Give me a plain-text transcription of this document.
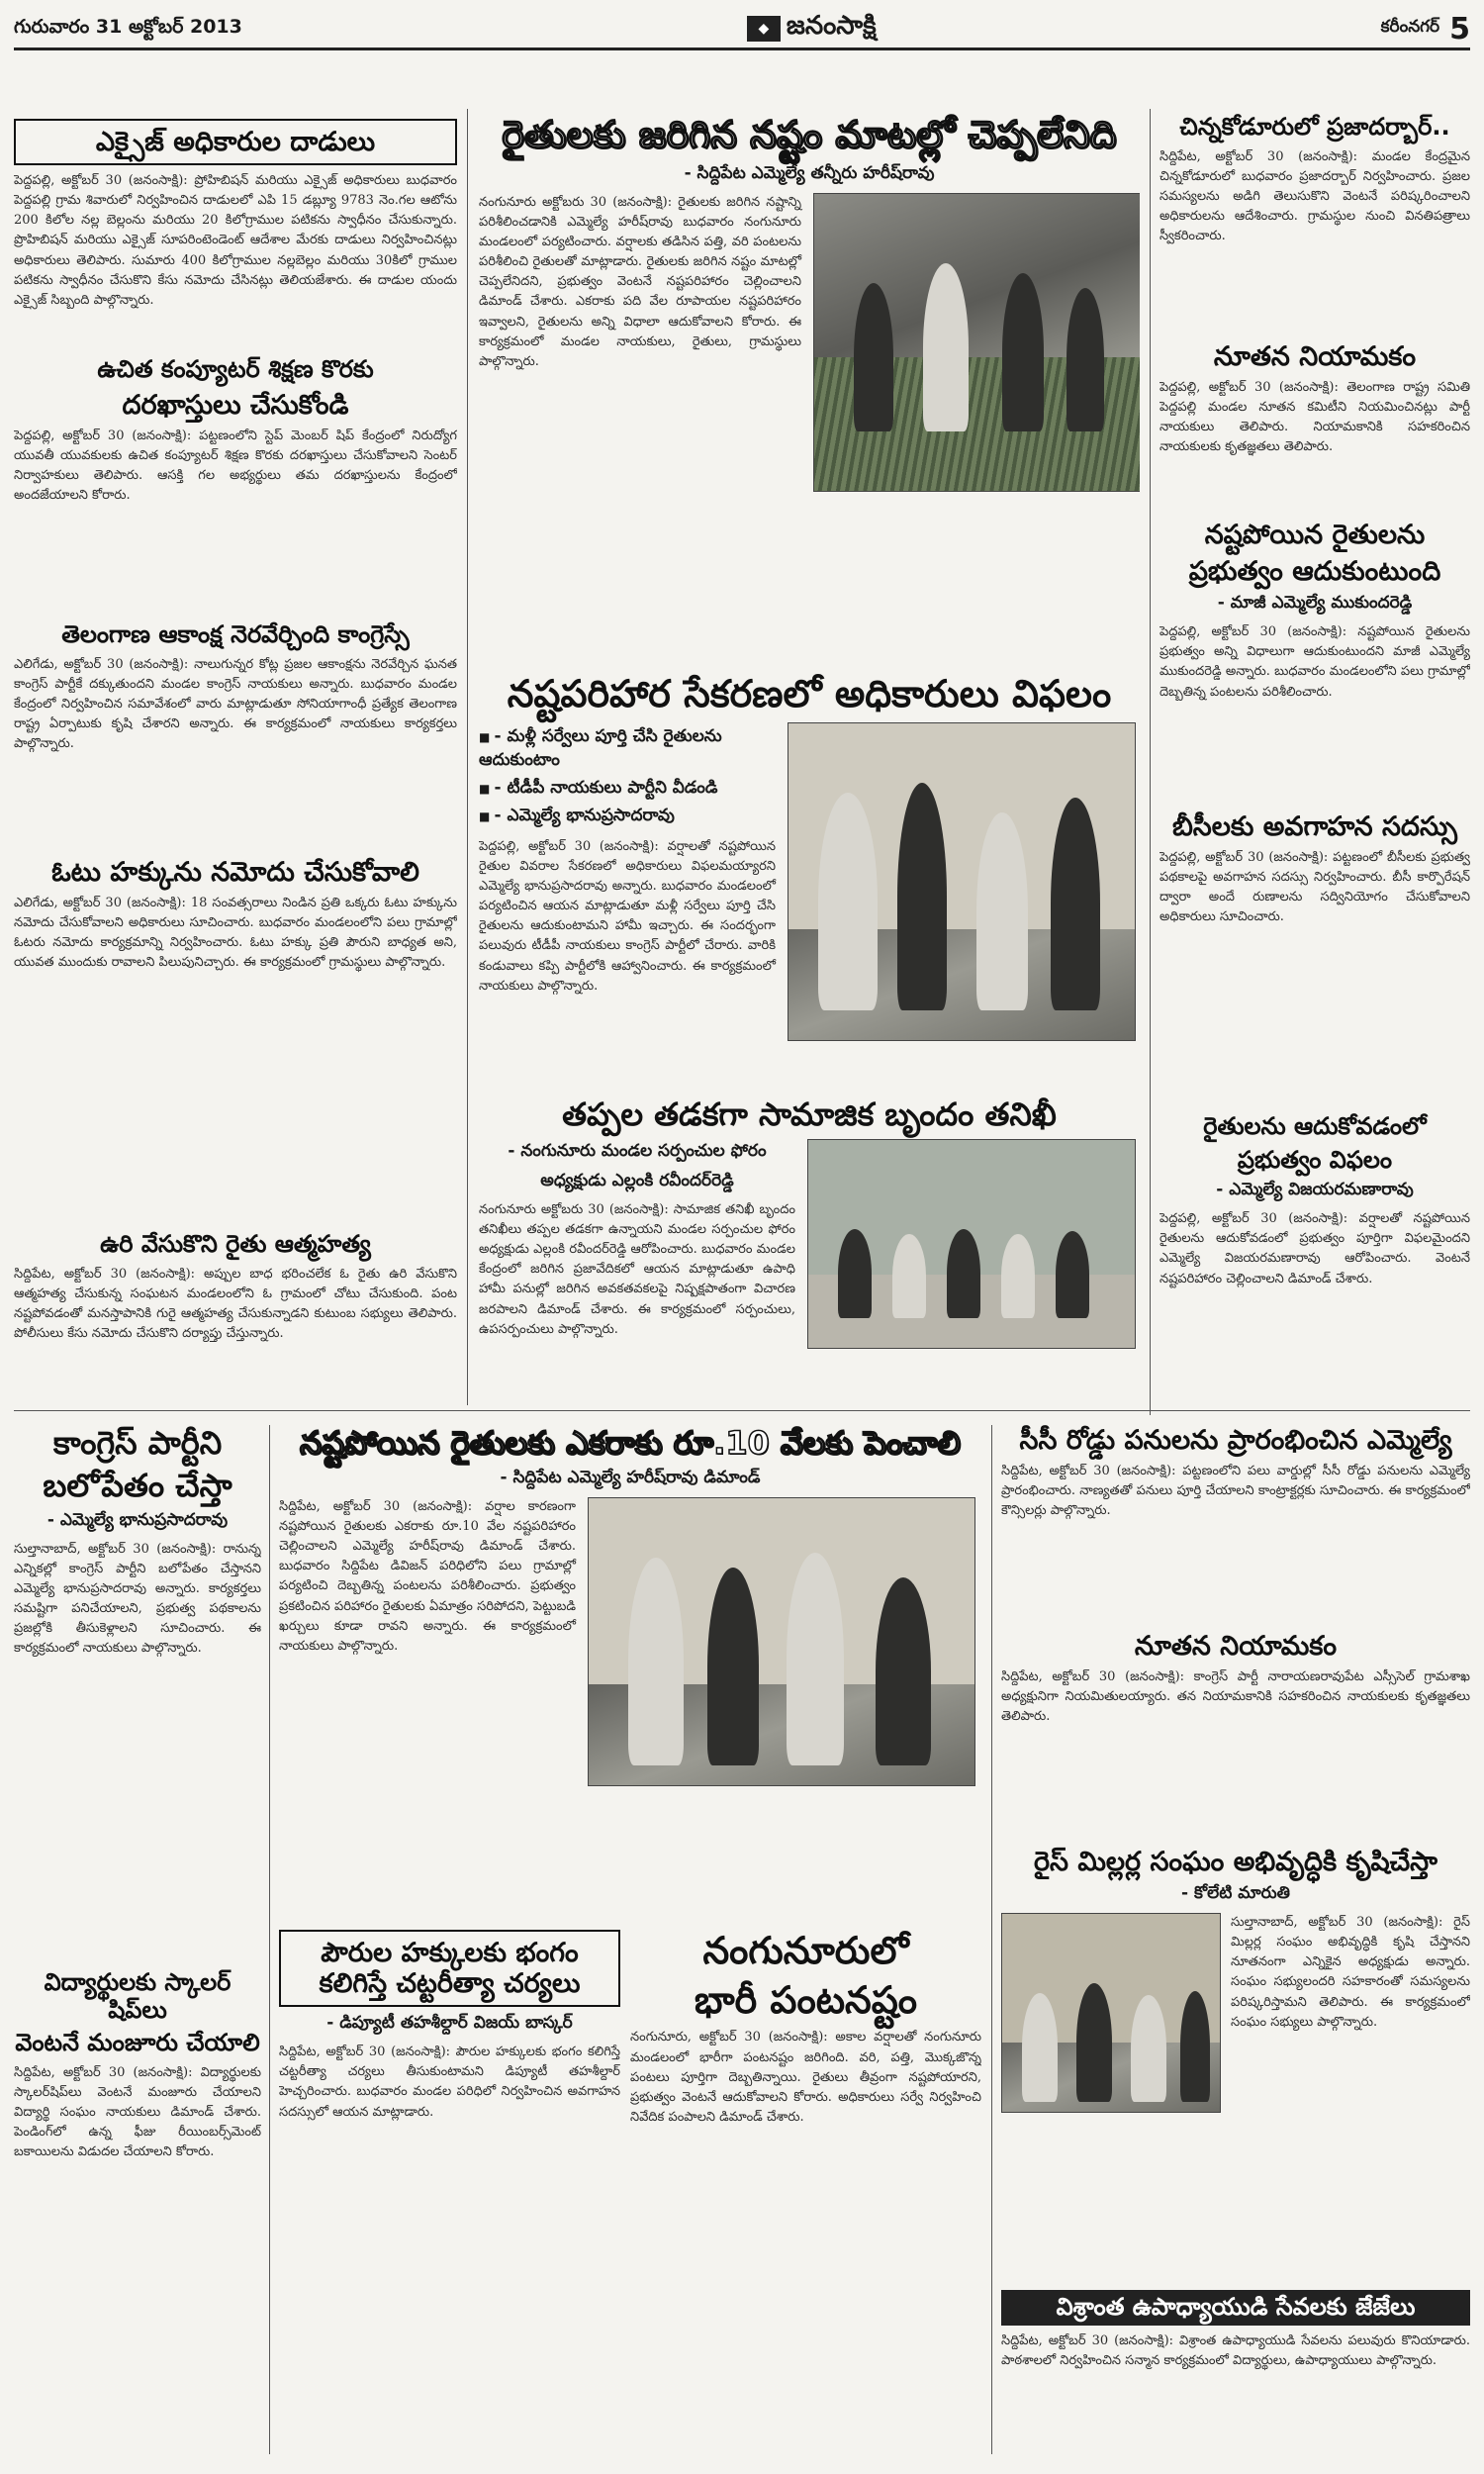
గురువారం 31 అక్టోబర్ 2013	◆ జనంసాక్షి	కరీంనగర్ 5
ఎక్సైజ్ అధికారుల దాడులు

పెద్దపల్లి, అక్టోబర్ 30 (జనంసాక్షి): ప్రోహిబిషన్ మరియు ఎక్సైజ్ అధికారులు బుధవారం పెద్దపల్లి గ్రామ శివారులో నిర్వహించిన దాడులలో ఎపి 15 డబ్ల్యూ 9783 నెం.గల ఆటోను 200 కిలోల నల్ల బెల్లంను మరియు 20 కిలోగ్రాముల పటికను స్వాధీనం చేసుకున్నారు. ప్రొహిబిషన్ మరియు ఎక్సైజ్ సూపరింటెండెంట్ ఆదేశాల మేరకు దాడులు నిర్వహించినట్లు అధికారులు తెలిపారు. సుమారు 400 కిలోగ్రాముల నల్లబెల్లం మరియు 30కిలో గ్రాముల పటికను స్వాధీనం చేసుకొని కేసు నమోదు చేసినట్లు తెలియజేశారు. ఈ దాడుల యందు ఎక్సైజ్ సిబ్బంది పాల్గొన్నారు.

ఉచిత కంప్యూటర్ శిక్షణ కొరకు
దరఖాస్తులు చేసుకోండి

పెద్దపల్లి, అక్టోబర్ 30 (జనంసాక్షి): పట్టణంలోని స్టెప్ మెంబర్ షిప్ కేంద్రంలో నిరుద్యోగ యువతీ యువకులకు ఉచిత కంప్యూటర్ శిక్షణ కొరకు దరఖాస్తులు చేసుకోవాలని సెంటర్ నిర్వాహకులు తెలిపారు. ఆసక్తి గల అభ్యర్థులు తమ దరఖాస్తులను కేంద్రంలో అందజేయాలని కోరారు.

తెలంగాణ ఆకాంక్ష నెరవేర్చింది కాంగ్రెస్సే

ఎలిగేడు, అక్టోబర్ 30 (జనంసాక్షి): నాలుగున్నర కోట్ల ప్రజల ఆకాంక్షను నెరవేర్చిన ఘనత కాంగ్రెస్ పార్టీకే దక్కుతుందని మండల కాంగ్రెస్ నాయకులు అన్నారు. బుధవారం మండల కేంద్రంలో నిర్వహించిన సమావేశంలో వారు మాట్లాడుతూ సోనియాగాంధీ ప్రత్యేక తెలంగాణ రాష్ట్ర ఏర్పాటుకు కృషి చేశారని అన్నారు. ఈ కార్యక్రమంలో నాయకులు కార్యకర్తలు పాల్గొన్నారు.

ఓటు హక్కును నమోదు చేసుకోవాలి

ఎలిగేడు, అక్టోబర్ 30 (జనంసాక్షి): 18 సంవత్సరాలు నిండిన ప్రతి ఒక్కరు ఓటు హక్కును నమోదు చేసుకోవాలని అధికారులు సూచించారు. బుధవారం మండలంలోని పలు గ్రామాల్లో ఓటరు నమోదు కార్యక్రమాన్ని నిర్వహించారు. ఓటు హక్కు ప్రతి పౌరుని బాధ్యత అని, యువత ముందుకు రావాలని పిలుపునిచ్చారు. ఈ కార్యక్రమంలో గ్రామస్థులు పాల్గొన్నారు.

ఉరి వేసుకొని రైతు ఆత్మహత్య

సిద్దిపేట, అక్టోబర్ 30 (జనంసాక్షి): అప్పుల బాధ భరించలేక ఓ రైతు ఉరి వేసుకొని ఆత్మహత్య చేసుకున్న సంఘటన మండలంలోని ఓ గ్రామంలో చోటు చేసుకుంది. పంట నష్టపోవడంతో మనస్తాపానికి గురై ఆత్మహత్య చేసుకున్నాడని కుటుంబ సభ్యులు తెలిపారు. పోలీసులు కేసు నమోదు చేసుకొని దర్యాప్తు చేస్తున్నారు.

రైతులకు జరిగిన నష్టం మాటల్లో చెప్పలేనిది
- సిద్దిపేట ఎమ్మెల్యే తన్నీరు హరీష్‌రావు

నంగునూరు అక్టోబరు 30 (జనంసాక్షి): రైతులకు జరిగిన నష్టాన్ని పరిశీలించడానికి ఎమ్మెల్యే హరీష్‌రావు బుధవారం నంగునూరు మండలంలో పర్యటించారు. వర్షాలకు తడిసిన పత్తి, వరి పంటలను పరిశీలించి రైతులతో మాట్లాడారు. రైతులకు జరిగిన నష్టం మాటల్లో చెప్పలేనిదని, ప్రభుత్వం వెంటనే నష్టపరిహారం చెల్లించాలని డిమాండ్ చేశారు. ఎకరాకు పది వేల రూపాయల నష్టపరిహారం ఇవ్వాలని, రైతులను అన్ని విధాలా ఆదుకోవాలని కోరారు. ఈ కార్యక్రమంలో మండల నాయకులు, రైతులు, గ్రామస్థులు పాల్గొన్నారు.

నష్టపరిహార సేకరణలో అధికారులు విఫలం
■ - మళ్లీ సర్వేలు పూర్తి చేసి రైతులను ఆదుకుంటాం
■ - టీడీపీ నాయకులు పార్టీని వీడండి
■ - ఎమ్మెల్యే భానుప్రసాదరావు

పెద్దపల్లి, అక్టోబర్ 30 (జనంసాక్షి): వర్షాలతో నష్టపోయిన రైతుల వివరాల సేకరణలో అధికారులు విఫలమయ్యారని ఎమ్మెల్యే భానుప్రసాదరావు అన్నారు. బుధవారం మండలంలో పర్యటించిన ఆయన మాట్లాడుతూ మళ్లీ సర్వేలు పూర్తి చేసి రైతులను ఆదుకుంటామని హామీ ఇచ్చారు. ఈ సందర్భంగా పలువురు టీడీపీ నాయకులు కాంగ్రెస్ పార్టీలో చేరారు. వారికి కండువాలు కప్పి పార్టీలోకి ఆహ్వానించారు. ఈ కార్యక్రమంలో నాయకులు పాల్గొన్నారు.

తప్పల తడకగా సామాజిక బృందం తనిఖీ
- నంగునూరు మండల సర్పంచుల ఫోరం
అధ్యక్షుడు ఎల్లంకి రవీందర్‌రెడ్డి

నంగునూరు అక్టోబరు 30 (జనంసాక్షి): సామాజిక తనిఖీ బృందం తనిఖీలు తప్పల తడకగా ఉన్నాయని మండల సర్పంచుల ఫోరం అధ్యక్షుడు ఎల్లంకి రవీందర్‌రెడ్డి ఆరోపించారు. బుధవారం మండల కేంద్రంలో జరిగిన ప్రజావేదికలో ఆయన మాట్లాడుతూ ఉపాధి హామీ పనుల్లో జరిగిన అవకతవకలపై నిష్పక్షపాతంగా విచారణ జరపాలని డిమాండ్ చేశారు. ఈ కార్యక్రమంలో సర్పంచులు, ఉపసర్పంచులు పాల్గొన్నారు.

చిన్నకోడూరులో ప్రజాదర్బార్..

సిద్దిపేట, అక్టోబర్ 30 (జనంసాక్షి): మండల కేంద్రమైన చిన్నకోడూరులో బుధవారం ప్రజాదర్బార్ నిర్వహించారు. ప్రజల సమస్యలను అడిగి తెలుసుకొని వెంటనే పరిష్కరించాలని అధికారులను ఆదేశించారు. గ్రామస్థుల నుంచి వినతిపత్రాలు స్వీకరించారు.

నూతన నియామకం

పెద్దపల్లి, అక్టోబర్ 30 (జనంసాక్షి): తెలంగాణ రాష్ట్ర సమితి పెద్దపల్లి మండల నూతన కమిటీని నియమించినట్లు పార్టీ నాయకులు తెలిపారు. నియామకానికి సహకరించిన నాయకులకు కృతజ్ఞతలు తెలిపారు.

నష్టపోయిన రైతులను
ప్రభుత్వం ఆదుకుంటుంది
- మాజీ ఎమ్మెల్యే ముకుందరెడ్డి

పెద్దపల్లి, అక్టోబర్ 30 (జనంసాక్షి): నష్టపోయిన రైతులను ప్రభుత్వం అన్ని విధాలుగా ఆదుకుంటుందని మాజీ ఎమ్మెల్యే ముకుందరెడ్డి అన్నారు. బుధవారం మండలంలోని పలు గ్రామాల్లో దెబ్బతిన్న పంటలను పరిశీలించారు.

బీసీలకు అవగాహన సదస్సు

పెద్దపల్లి, అక్టోబర్ 30 (జనంసాక్షి): పట్టణంలో బీసీలకు ప్రభుత్వ పథకాలపై అవగాహన సదస్సు నిర్వహించారు. బీసీ కార్పొరేషన్ ద్వారా అందే రుణాలను సద్వినియోగం చేసుకోవాలని అధికారులు సూచించారు.

రైతులను ఆదుకోవడంలో
ప్రభుత్వం విఫలం
- ఎమ్మెల్యే విజయరమణారావు

పెద్దపల్లి, అక్టోబర్ 30 (జనంసాక్షి): వర్షాలతో నష్టపోయిన రైతులను ఆదుకోవడంలో ప్రభుత్వం పూర్తిగా విఫలమైందని ఎమ్మెల్యే విజయరమణారావు ఆరోపించారు. వెంటనే నష్టపరిహారం చెల్లించాలని డిమాండ్ చేశారు.

కాంగ్రెస్ పార్టీని
బలోపేతం చేస్తా
- ఎమ్మెల్యే భానుప్రసాదరావు

సుల్తానాబాద్, అక్టోబర్ 30 (జనంసాక్షి): రానున్న ఎన్నికల్లో కాంగ్రెస్ పార్టీని బలోపేతం చేస్తానని ఎమ్మెల్యే భానుప్రసాదరావు అన్నారు. కార్యకర్తలు సమష్టిగా పనిచేయాలని, ప్రభుత్వ పథకాలను ప్రజల్లోకి తీసుకెళ్లాలని సూచించారు. ఈ కార్యక్రమంలో నాయకులు పాల్గొన్నారు.

విద్యార్థులకు స్కాలర్ షిప్‌లు
వెంటనే మంజూరు చేయాలి

సిద్దిపేట, అక్టోబర్ 30 (జనంసాక్షి): విద్యార్థులకు స్కాలర్‌షిప్‌లు వెంటనే మంజూరు చేయాలని విద్యార్థి సంఘం నాయకులు డిమాండ్ చేశారు. పెండింగ్‌లో ఉన్న ఫీజు రీయింబర్స్‌మెంట్ బకాయిలను విడుదల చేయాలని కోరారు.

నష్టపోయిన రైతులకు ఎకరాకు రూ.10 వేలకు పెంచాలి
- సిద్దిపేట ఎమ్మెల్యే హరీష్‌రావు డిమాండ్

సిద్దిపేట, అక్టోబర్ 30 (జనంసాక్షి): వర్షాల కారణంగా నష్టపోయిన రైతులకు ఎకరాకు రూ.10 వేల నష్టపరిహారం చెల్లించాలని ఎమ్మెల్యే హరీష్‌రావు డిమాండ్ చేశారు. బుధవారం సిద్దిపేట డివిజన్ పరిధిలోని పలు గ్రామాల్లో పర్యటించి దెబ్బతిన్న పంటలను పరిశీలించారు. ప్రభుత్వం ప్రకటించిన పరిహారం రైతులకు ఏమాత్రం సరిపోదని, పెట్టుబడి ఖర్చులు కూడా రావని అన్నారు. ఈ కార్యక్రమంలో నాయకులు పాల్గొన్నారు.

పౌరుల హక్కులకు భంగం
కలిగిస్తే చట్టరీత్యా చర్యలు
- డిప్యూటీ తహశీల్దార్ విజయ్ బాస్కర్

సిద్దిపేట, అక్టోబర్ 30 (జనంసాక్షి): పౌరుల హక్కులకు భంగం కలిగిస్తే చట్టరీత్యా చర్యలు తీసుకుంటామని డిప్యూటీ తహశీల్దార్ హెచ్చరించారు. బుధవారం మండల పరిధిలో నిర్వహించిన అవగాహన సదస్సులో ఆయన మాట్లాడారు.

నంగునూరులో
భారీ పంటనష్టం

నంగునూరు, అక్టోబర్ 30 (జనంసాక్షి): అకాల వర్షాలతో నంగునూరు మండలంలో భారీగా పంటనష్టం జరిగింది. వరి, పత్తి, మొక్కజొన్న పంటలు పూర్తిగా దెబ్బతిన్నాయి. రైతులు తీవ్రంగా నష్టపోయారని, ప్రభుత్వం వెంటనే ఆదుకోవాలని కోరారు. అధికారులు సర్వే నిర్వహించి నివేదిక పంపాలని డిమాండ్ చేశారు.

సీసీ రోడ్డు పనులను ప్రారంభించిన ఎమ్మెల్యే

సిద్దిపేట, అక్టోబర్ 30 (జనంసాక్షి): పట్టణంలోని పలు వార్డుల్లో సీసీ రోడ్డు పనులను ఎమ్మెల్యే ప్రారంభించారు. నాణ్యతతో పనులు పూర్తి చేయాలని కాంట్రాక్టర్లకు సూచించారు. ఈ కార్యక్రమంలో కౌన్సిలర్లు పాల్గొన్నారు.

నూతన నియామకం

సిద్దిపేట, అక్టోబర్ 30 (జనంసాక్షి): కాంగ్రెస్ పార్టీ నారాయణరావుపేట ఎస్సీసెల్ గ్రామశాఖ అధ్యక్షునిగా నియమితులయ్యారు. తన నియామకానికి సహకరించిన నాయకులకు కృతజ్ఞతలు తెలిపారు.

రైస్ మిల్లర్ల సంఘం అభివృద్ధికి కృషిచేస్తా
- కోలేటి మారుతి

సుల్తానాబాద్, అక్టోబర్ 30 (జనంసాక్షి): రైస్ మిల్లర్ల సంఘం అభివృద్ధికి కృషి చేస్తానని నూతనంగా ఎన్నికైన అధ్యక్షుడు అన్నారు. సంఘం సభ్యులందరి సహకారంతో సమస్యలను పరిష్కరిస్తామని తెలిపారు. ఈ కార్యక్రమంలో సంఘం సభ్యులు పాల్గొన్నారు.

విశ్రాంత ఉపాధ్యాయుడి సేవలకు జేజేలు

సిద్దిపేట, అక్టోబర్ 30 (జనంసాక్షి): విశ్రాంత ఉపాధ్యాయుడి సేవలను పలువురు కొనియాడారు. పాఠశాలలో నిర్వహించిన సన్మాన కార్యక్రమంలో విద్యార్థులు, ఉపాధ్యాయులు పాల్గొన్నారు.
